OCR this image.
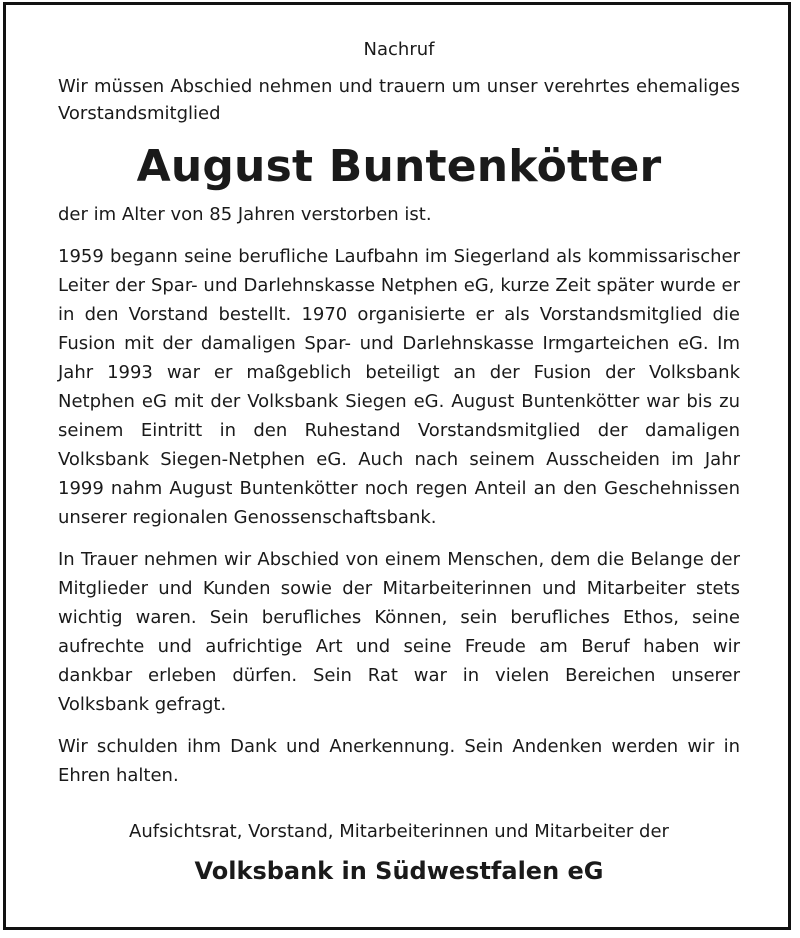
Nachruf

Wir müssen Abschied nehmen und trauern um unser verehrtes ehemaliges Vorstandsmitglied

August Buntenkötter

der im Alter von 85 Jahren verstorben ist.

1959 begann seine berufliche Laufbahn im Siegerland als kommissarischer Leiter der Spar- und Darlehnskasse Netphen eG, kurze Zeit später wurde er in den Vorstand bestellt. 1970 organisierte er als Vorstandsmitglied die Fusion mit der damaligen Spar- und Darlehnskasse Irmgarteichen eG. Im Jahr 1993 war er maßgeblich beteiligt an der Fusion der Volksbank Netphen eG mit der Volksbank Siegen eG. August Buntenkötter war bis zu seinem Eintritt in den Ruhestand Vorstandsmitglied der damaligen Volksbank Siegen-Netphen eG. Auch nach seinem Ausscheiden im Jahr 1999 nahm August Buntenkötter noch regen Anteil an den Geschehnissen unserer regionalen Genossenschaftsbank.

In Trauer nehmen wir Abschied von einem Menschen, dem die Belange der Mitglieder und Kunden sowie der Mitarbeiterinnen und Mitarbeiter stets wichtig waren. Sein berufliches Können, sein berufliches Ethos, seine aufrechte und aufrichtige Art und seine Freude am Beruf haben wir dankbar erleben dürfen. Sein Rat war in vielen Bereichen unserer Volksbank gefragt.

Wir schulden ihm Dank und Anerkennung. Sein Andenken werden wir in Ehren halten.

Aufsichtsrat, Vorstand, Mitarbeiterinnen und Mitarbeiter der

Volksbank in Südwestfalen eG
